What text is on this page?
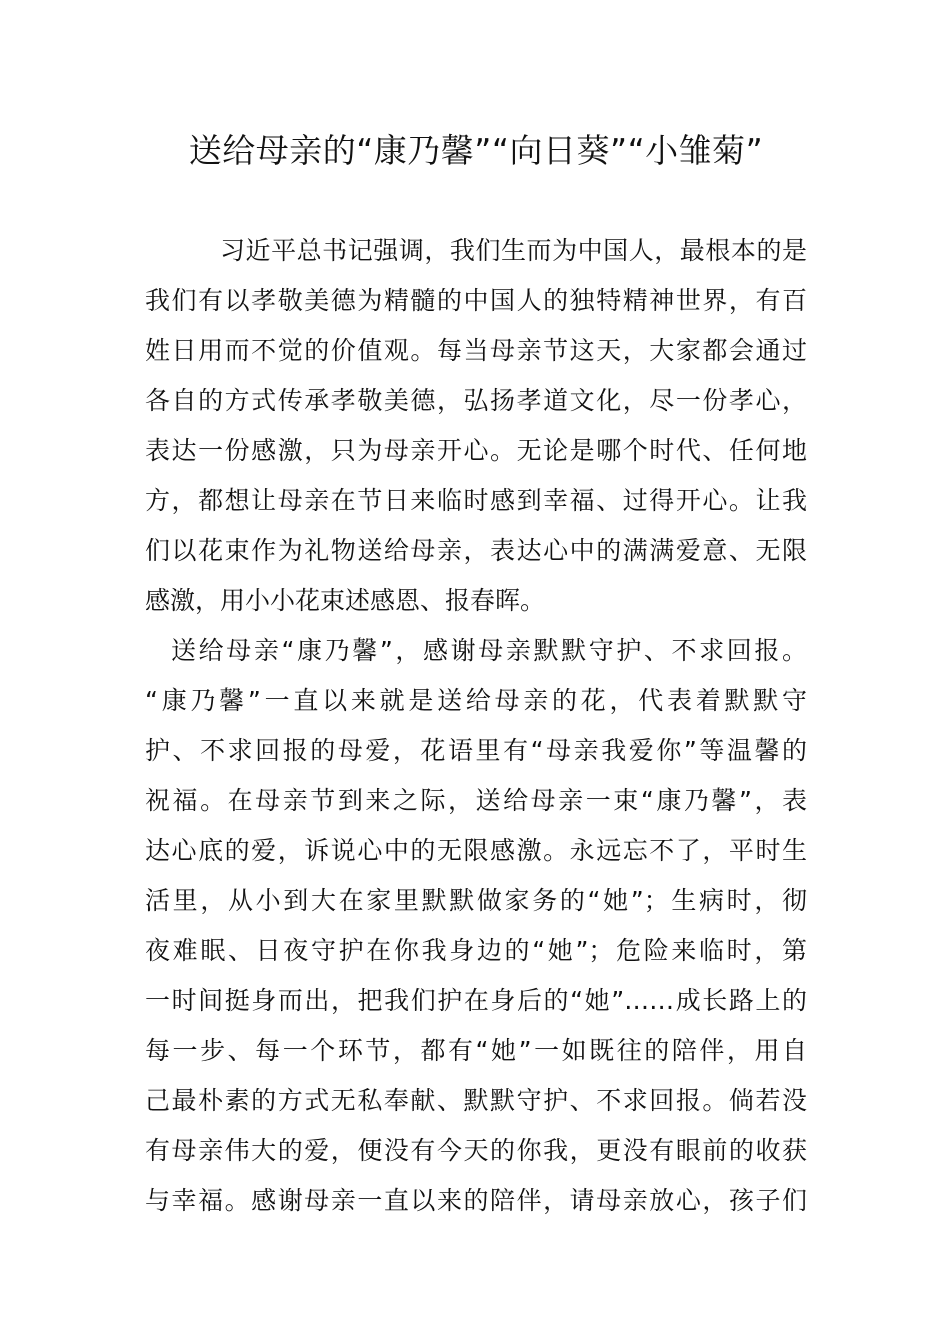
送给母亲的“康乃馨”“向日葵”“小雏菊”
习近平总书记强调，我们生而为中国人，最根本的是
我们有以孝敬美德为精髓的中国人的独特精神世界，有百
姓日用而不觉的价值观。每当母亲节这天，大家都会通过
各自的方式传承孝敬美德，弘扬孝道文化，尽一份孝心，
表达一份感激，只为母亲开心。无论是哪个时代、任何地
方，都想让母亲在节日来临时感到幸福、过得开心。让我
们以花束作为礼物送给母亲，表达心中的满满爱意、无限
感激，用小小花束述感恩、报春晖。
送给母亲“康乃馨”，感谢母亲默默守护、不求回报。
“康乃馨”一直以来就是送给母亲的花，代表着默默守
护、不求回报的母爱，花语里有“母亲我爱你”等温馨的
祝福。在母亲节到来之际，送给母亲一束“康乃馨”，表
达心底的爱，诉说心中的无限感激。永远忘不了，平时生
活里，从小到大在家里默默做家务的“她”；生病时，彻
夜难眠、日夜守护在你我身边的“她”；危险来临时，第
一时间挺身而出，把我们护在身后的“她”……成长路上的
每一步、每一个环节，都有“她”一如既往的陪伴，用自
己最朴素的方式无私奉献、默默守护、不求回报。倘若没
有母亲伟大的爱，便没有今天的你我，更没有眼前的收获
与幸福。感谢母亲一直以来的陪伴，请母亲放心，孩子们
